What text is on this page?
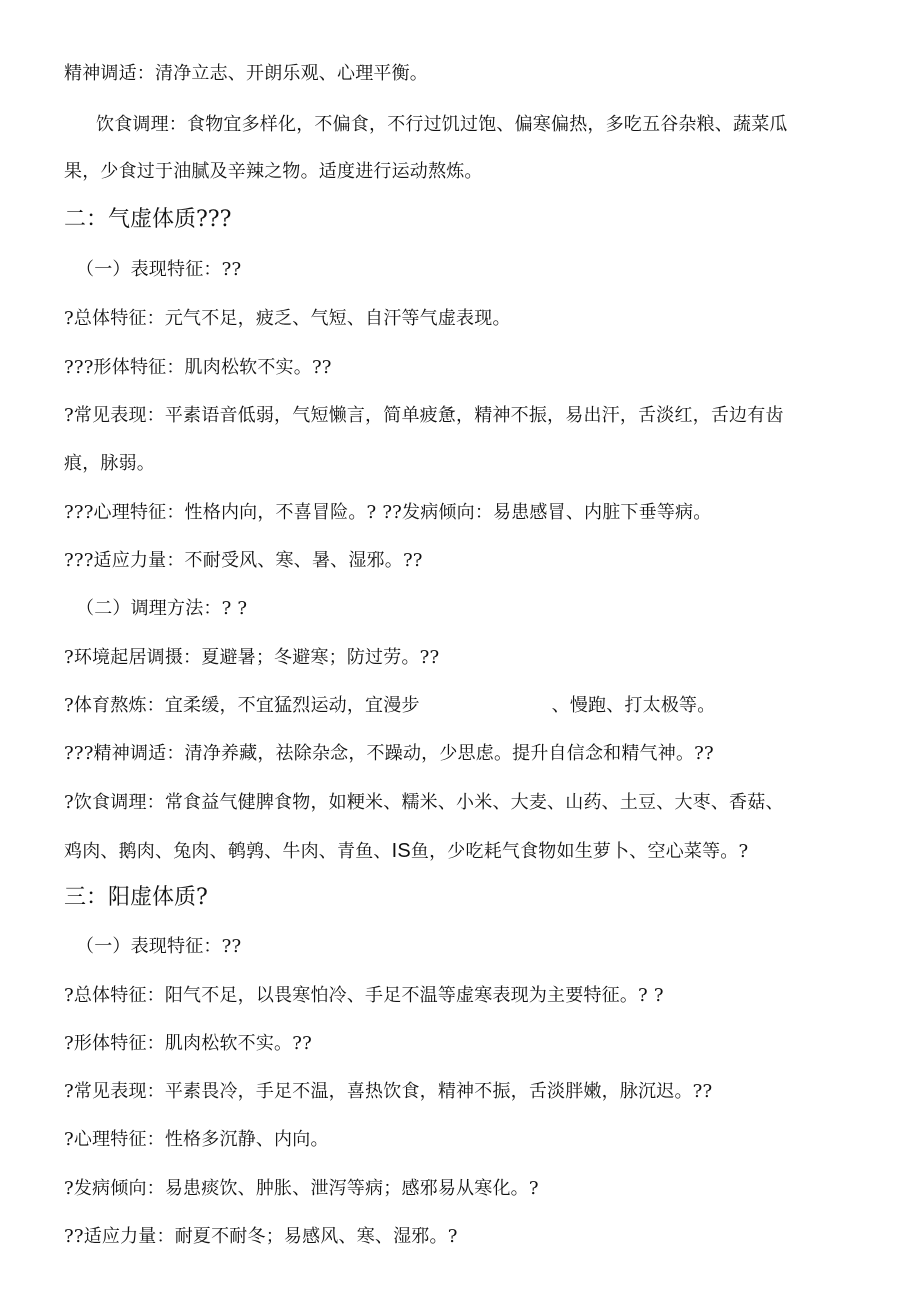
精神调适：清净立志、开朗乐观、心理平衡。
饮食调理：食物宜多样化，不偏食，不行过饥过饱、偏寒偏热，多吃五谷杂粮、蔬菜瓜
果，少食过于油腻及辛辣之物。适度进行运动熬炼。
二：气虚体质???
（一）表现特征：??
?总体特征：元气不足，疲乏、气短、自汗等气虚表现。
???形体特征：肌肉松软不实。??
?常见表现：平素语音低弱，气短懒言，简单疲惫，精神不振，易出汗，舌淡红，舌边有齿
痕，脉弱。
???心理特征：性格内向，不喜冒险。? ??发病倾向：易患感冒、内脏下垂等病。
???适应力量：不耐受风、寒、暑、湿邪。??
（二）调理方法：? ?
?环境起居调摄：夏避暑；冬避寒；防过劳。??
?体育熬炼：宜柔缓，不宜猛烈运动，宜漫步	、慢跑、打太极等。
???精神调适：清净养藏，祛除杂念，不躁动，少思虑。提升自信念和精气神。??
?饮食调理：常食益气健脾食物，如粳米、糯米、小米、大麦、山药、土豆、大枣、香菇、
鸡肉、鹅肉、兔肉、鹌鹑、牛肉、青鱼、IS鱼，少吃耗气食物如生萝卜、空心菜等。?
三：阳虚体质?
（一）表现特征：??
?总体特征：阳气不足，以畏寒怕冷、手足不温等虚寒表现为主要特征。? ?
?形体特征：肌肉松软不实。??
?常见表现：平素畏冷，手足不温，喜热饮食，精神不振，舌淡胖嫩，脉沉迟。??
?心理特征：性格多沉静、内向。
?发病倾向：易患痰饮、肿胀、泄泻等病；感邪易从寒化。?
??适应力量：耐夏不耐冬；易感风、寒、湿邪。?
